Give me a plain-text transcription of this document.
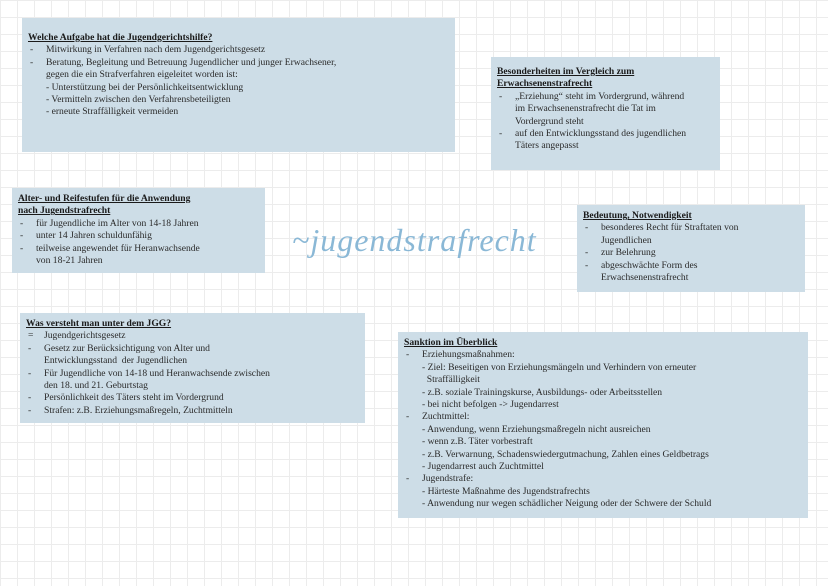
~jugendstrafrecht
Welche Aufgabe hat die Jugendgerichtshilfe?
-	Mitwirkung in Verfahren nach dem Jugendgerichtsgesetz
-	Beratung, Begleitung und Betreuung Jugendlicher und junger Erwachsener,
gegen die ein Strafverfahren eigeleitet worden ist:
- Unterstützung bei der Persönlichkeitsentwicklung
- Vermitteln zwischen den Verfahrensbeteiligten
- erneute Straffälligkeit vermeiden
Besonderheiten im Vergleich zum
Erwachsenenstrafrecht
-	„Erziehung“ steht im Vordergrund, während
im Erwachsenenstrafrecht die Tat im
Vordergrund steht
-	auf den Entwicklungsstand des jugendlichen
Täters angepasst
Alter- und Reifestufen für die Anwendung
nach Jugendstrafrecht
-	für Jugendliche im Alter von 14-18 Jahren
-	unter 14 Jahren schuldunfähig
-	teilweise angewendet für Heranwachsende
von 18-21 Jahren
Bedeutung, Notwendigkeit
-	besonderes Recht für Straftaten von
Jugendlichen
-	zur Belehrung
-	abgeschwächte Form des
Erwachsenenstrafrecht
Was versteht man unter dem JGG?
=	Jugendgerichtsgesetz
-	Gesetz zur Berücksichtigung von Alter und
Entwicklungsstand  der Jugendlichen
-	Für Jugendliche von 14-18 und Heranwachsende zwischen
den 18. und 21. Geburtstag
-	Persönlichkeit des Täters steht im Vordergrund
-	Strafen: z.B. Erziehungsmaßregeln, Zuchtmitteln
Sanktion im Überblick
-	Erziehungsmaßnahmen:
- Ziel: Beseitigen von Erziehungsmängeln und Verhindern von erneuter
Straffälligkeit
- z.B. soziale Trainingskurse, Ausbildungs- oder Arbeitsstellen
- bei nicht befolgen -> Jugendarrest
-	Zuchtmittel:
- Anwendung, wenn Erziehungsmaßregeln nicht ausreichen
- wenn z.B. Täter vorbestraft
- z.B. Verwarnung, Schadenswiedergutmachung, Zahlen eines Geldbetrags
- Jugendarrest auch Zuchtmittel
-	Jugendstrafe:
- Härteste Maßnahme des Jugendstrafrechts
- Anwendung nur wegen schädlicher Neigung oder der Schwere der Schuld
